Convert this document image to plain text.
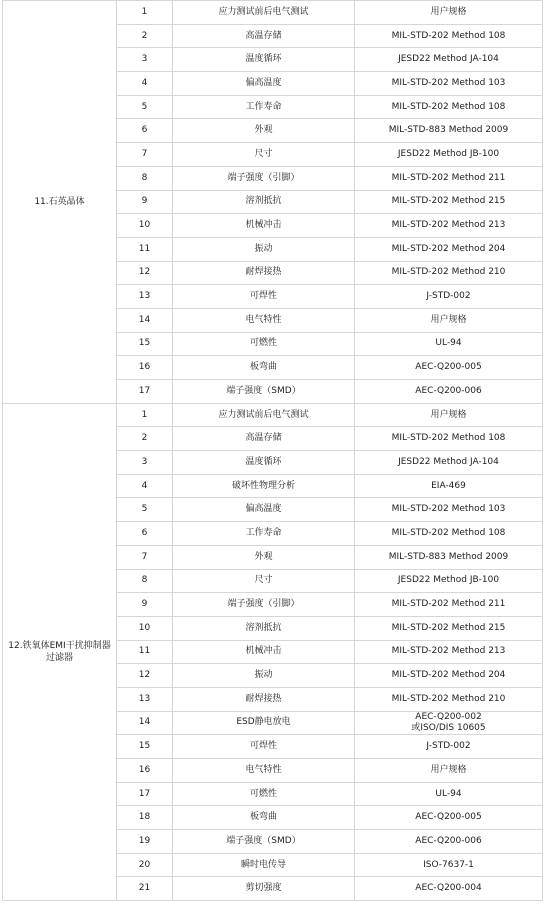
11.石英晶体	1	应力测试前后电气测试	用户规格
	2	高温存储	MIL-STD-202 Method 108
	3	温度循环	JESD22 Method JA-104
	4	偏高温度	MIL-STD-202 Method 103
	5	工作寿命	MIL-STD-202 Method 108
	6	外观	MIL-STD-883 Method 2009
	7	尺寸	JESD22 Method JB-100
	8	端子强度（引脚）	MIL-STD-202 Method 211
	9	溶剂抵抗	MIL-STD-202 Method 215
	10	机械冲击	MIL-STD-202 Method 213
	11	振动	MIL-STD-202 Method 204
	12	耐焊接热	MIL-STD-202 Method 210
	13	可焊性	J-STD-002
	14	电气特性	用户规格
	15	可燃性	UL-94
	16	板弯曲	AEC-Q200-005
	17	端子强度（SMD）	AEC-Q200-006
12.铁氧体EMI干扰抑制器 过滤器	1	应力测试前后电气测试	用户规格
	2	高温存储	MIL-STD-202 Method 108
	3	温度循环	JESD22 Method JA-104
	4	破坏性物理分析	EIA-469
	5	偏高温度	MIL-STD-202 Method 103
	6	工作寿命	MIL-STD-202 Method 108
	7	外观	MIL-STD-883 Method 2009
	8	尺寸	JESD22 Method JB-100
	9	端子强度（引脚）	MIL-STD-202 Method 211
	10	溶剂抵抗	MIL-STD-202 Method 215
	11	机械冲击	MIL-STD-202 Method 213
	12	振动	MIL-STD-202 Method 204
	13	耐焊接热	MIL-STD-202 Method 210
	14	ESD静电放电	AEC-Q200-002
或ISO/DIS 10605
	15	可焊性	J-STD-002
	16	电气特性	用户规格
	17	可燃性	UL-94
	18	板弯曲	AEC-Q200-005
	19	端子强度（SMD）	AEC-Q200-006
	20	瞬时电传导	ISO-7637-1
	21	剪切强度	AEC-Q200-004
